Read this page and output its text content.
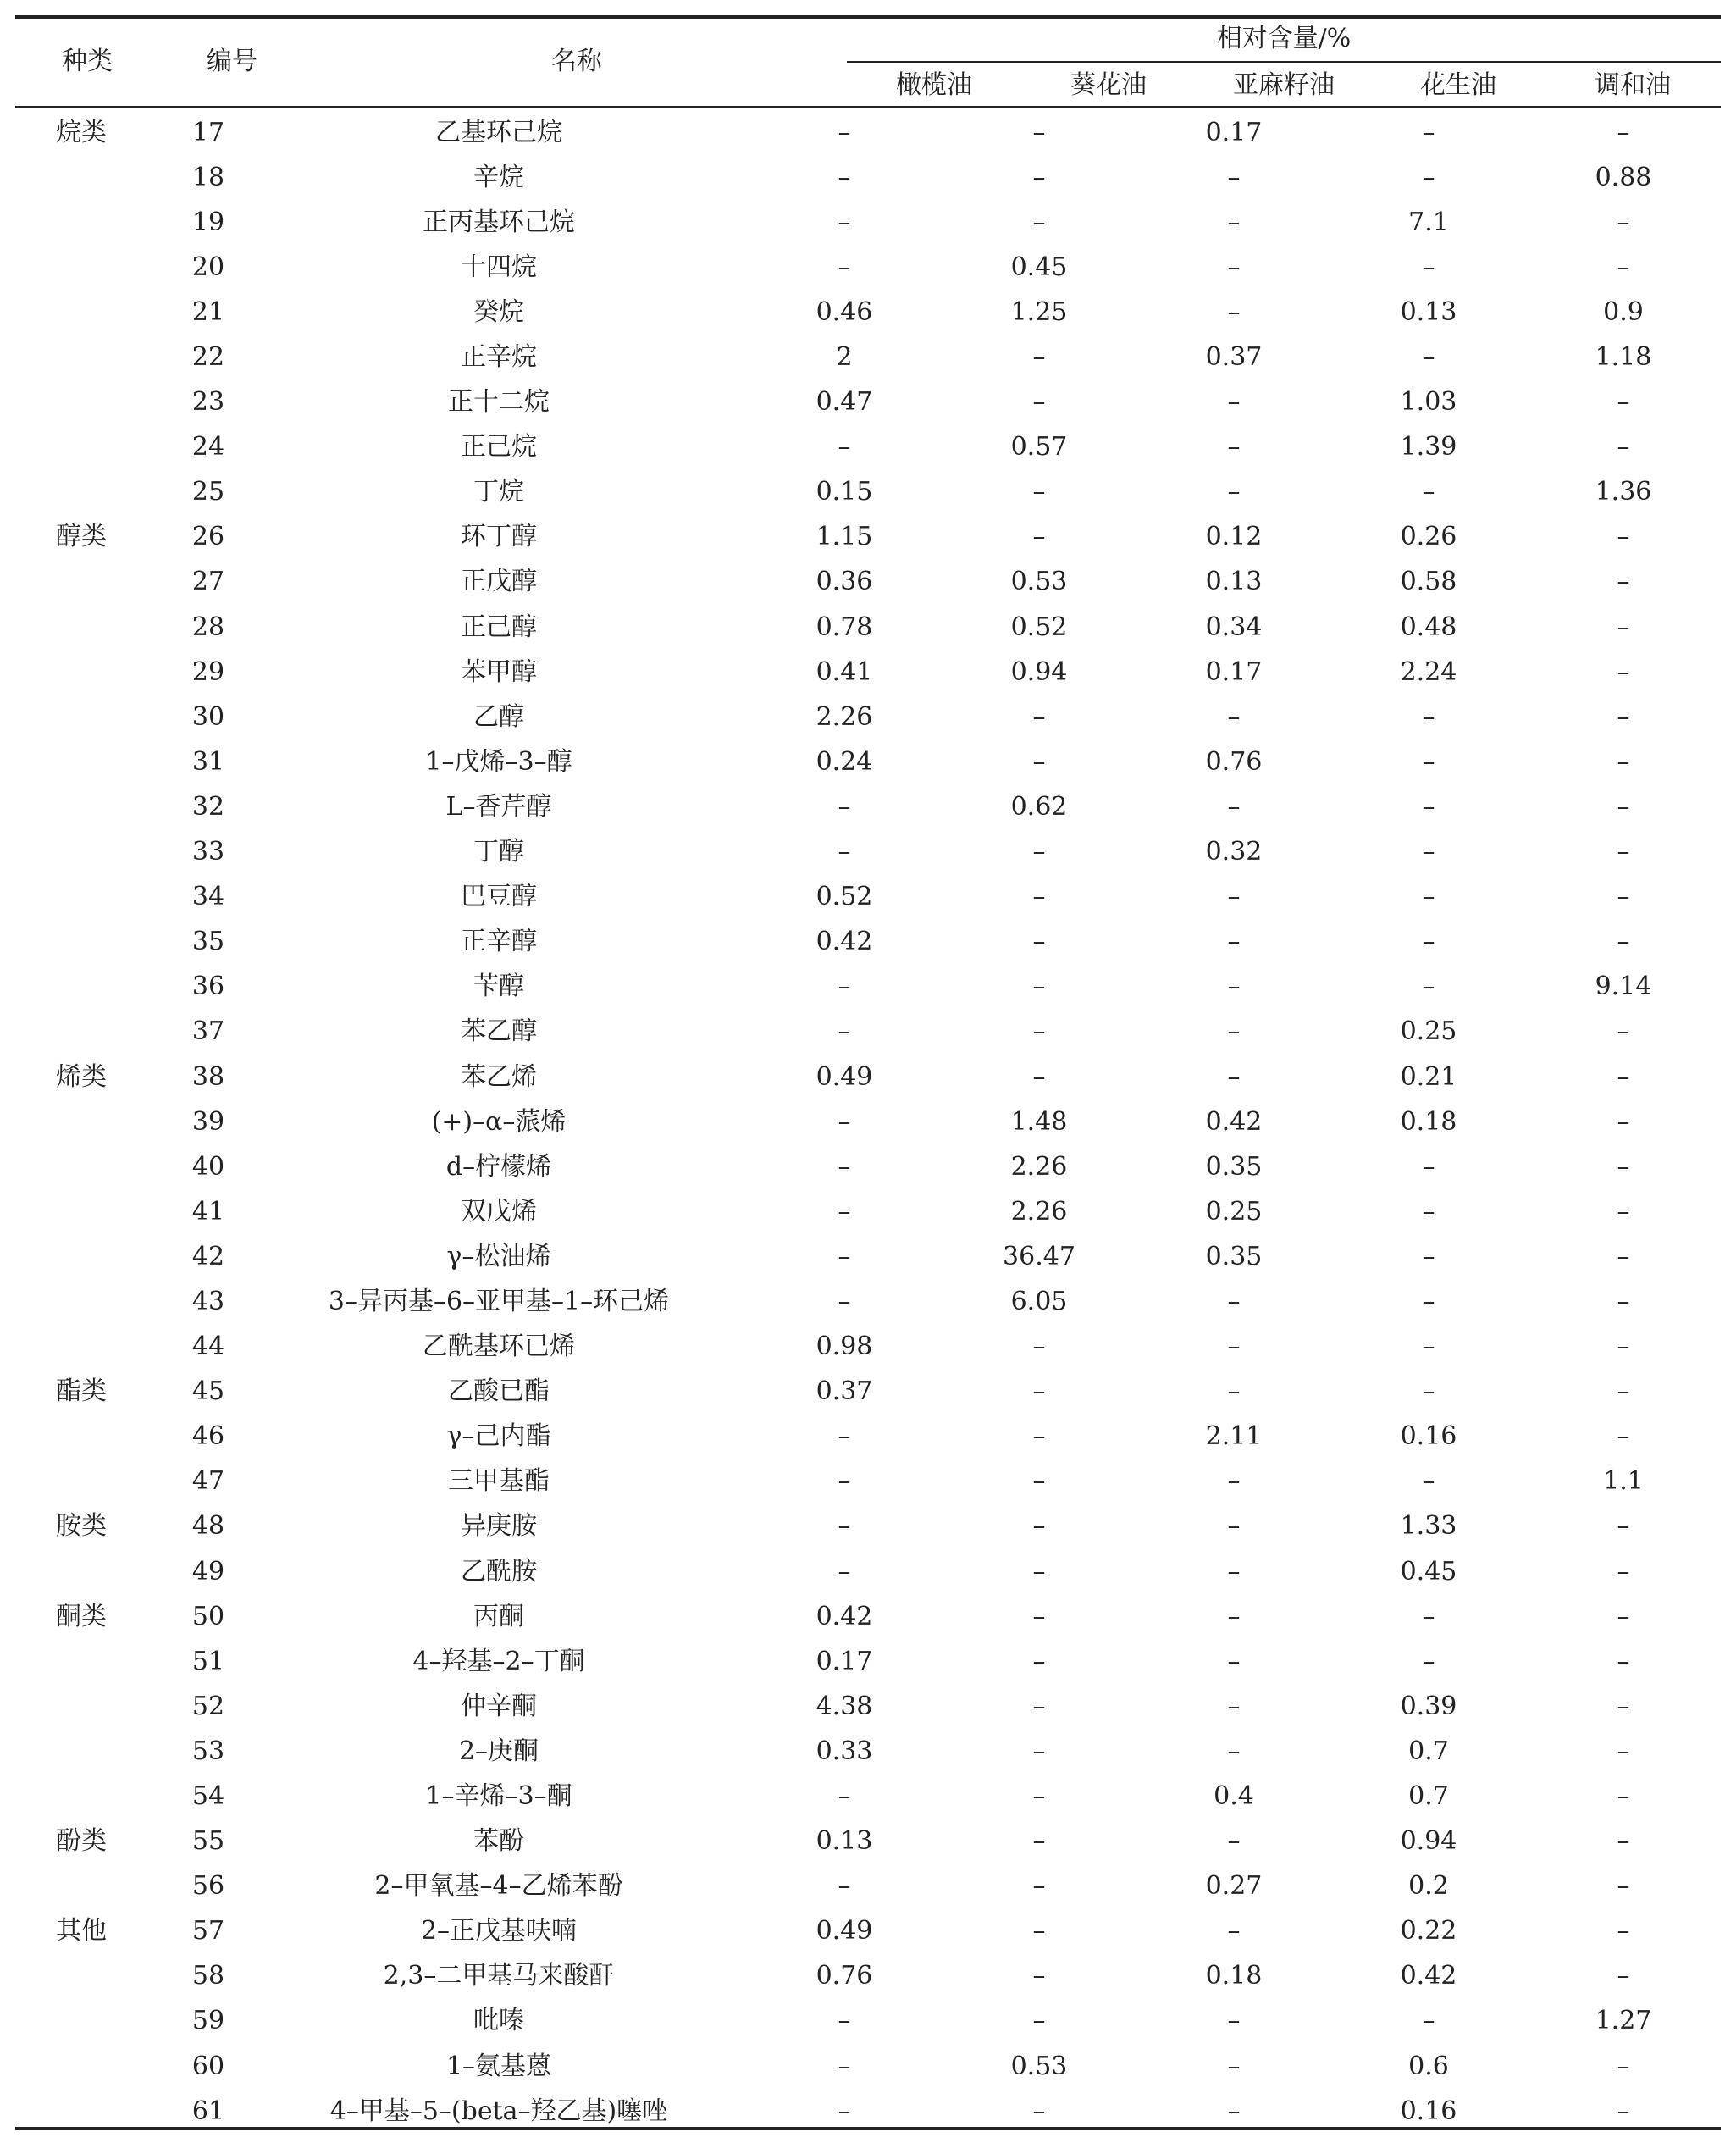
种类	编号	名称
相对含量/%
橄榄油	葵花油	亚麻籽油	花生油	调和油
烷类	17	乙基环己烷	–	–	0.17	–	–
	18	辛烷	–	–	–	–	0.88
	19	正丙基环己烷	–	–	–	7.1	–
	20	十四烷	–	0.45	–	–	–
	21	癸烷	0.46	1.25	–	0.13	0.9
	22	正辛烷	2	–	0.37	–	1.18
	23	正十二烷	0.47	–	–	1.03	–
	24	正己烷	–	0.57	–	1.39	–
	25	丁烷	0.15	–	–	–	1.36
醇类	26	环丁醇	1.15	–	0.12	0.26	–
	27	正戊醇	0.36	0.53	0.13	0.58	–
	28	正己醇	0.78	0.52	0.34	0.48	–
	29	苯甲醇	0.41	0.94	0.17	2.24	–
	30	乙醇	2.26	–	–	–	–
	31	1–戊烯–3–醇	0.24	–	0.76	–	–
	32	L–香芹醇	–	0.62	–	–	–
	33	丁醇	–	–	0.32	–	–
	34	巴豆醇	0.52	–	–	–	–
	35	正辛醇	0.42	–	–	–	–
	36	苄醇	–	–	–	–	9.14
	37	苯乙醇	–	–	–	0.25	–
烯类	38	苯乙烯	0.49	–	–	0.21	–
	39	(+)–α–蒎烯	–	1.48	0.42	0.18	–
	40	d–柠檬烯	–	2.26	0.35	–	–
	41	双戊烯	–	2.26	0.25	–	–
	42	γ–松油烯	–	36.47	0.35	–	–
	43	3–异丙基–6–亚甲基–1–环己烯	–	6.05	–	–	–
	44	乙酰基环已烯	0.98	–	–	–	–
酯类	45	乙酸已酯	0.37	–	–	–	–
	46	γ–己内酯	–	–	2.11	0.16	–
	47	三甲基酯	–	–	–	–	1.1
胺类	48	异庚胺	–	–	–	1.33	–
	49	乙酰胺	–	–	–	0.45	–
酮类	50	丙酮	0.42	–	–	–	–
	51	4–羟基–2–丁酮	0.17	–	–	–	–
	52	仲辛酮	4.38	–	–	0.39	–
	53	2–庚酮	0.33	–	–	0.7	–
	54	1–辛烯–3–酮	–	–	0.4	0.7	–
酚类	55	苯酚	0.13	–	–	0.94	–
	56	2–甲氧基–4–乙烯苯酚	–	–	0.27	0.2	–
其他	57	2–正戊基呋喃	0.49	–	–	0.22	–
	58	2,3–二甲基马来酸酐	0.76	–	0.18	0.42	–
	59	吡嗪	–	–	–	–	1.27
	60	1–氨基蒽	–	0.53	–	0.6	–
	61	4–甲基–5–(beta–羟乙基)噻唑	–	–	–	0.16	–
